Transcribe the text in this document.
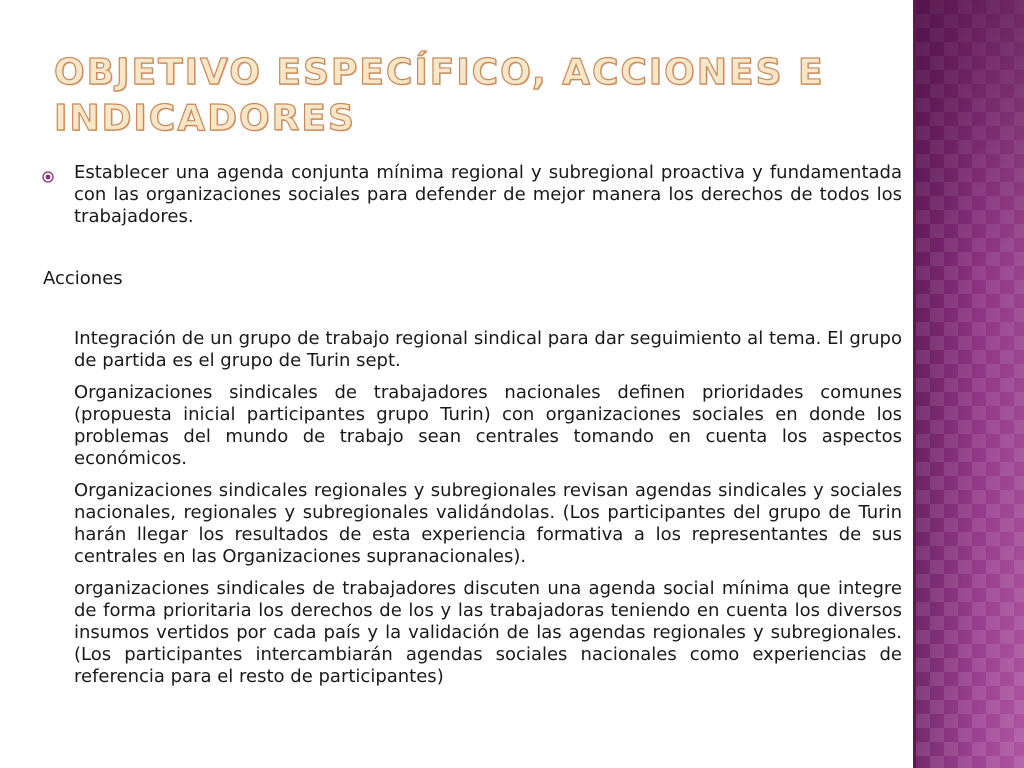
OBJETIVO ESPECÍFICO, ACCIONES E INDICADORES
Establecer una agenda conjunta mínima regional y subregional proactiva y fundamentada con las organizaciones sociales para defender de mejor manera los derechos de todos los trabajadores.
Acciones

Integración de un grupo de trabajo regional sindical para dar seguimiento al tema. El grupo de partida es el grupo de Turin sept.

Organizaciones sindicales de trabajadores nacionales definen prioridades comunes (propuesta inicial participantes grupo Turin) con organizaciones sociales en donde los problemas del mundo de trabajo sean centrales tomando en cuenta los aspectos económicos.

Organizaciones sindicales regionales y subregionales revisan agendas sindicales y sociales nacionales, regionales y subregionales validándolas. (Los participantes del grupo de Turin harán llegar los resultados de esta experiencia formativa a los representantes de sus centrales en las Organizaciones supranacionales).

organizaciones sindicales de trabajadores discuten una agenda social mínima que integre de forma prioritaria los derechos de los y las trabajadoras teniendo en cuenta los diversos insumos vertidos por cada país y la validación de las agendas regionales y subregionales. (Los participantes intercambiarán agendas sociales nacionales como experiencias de referencia para el resto de participantes)
